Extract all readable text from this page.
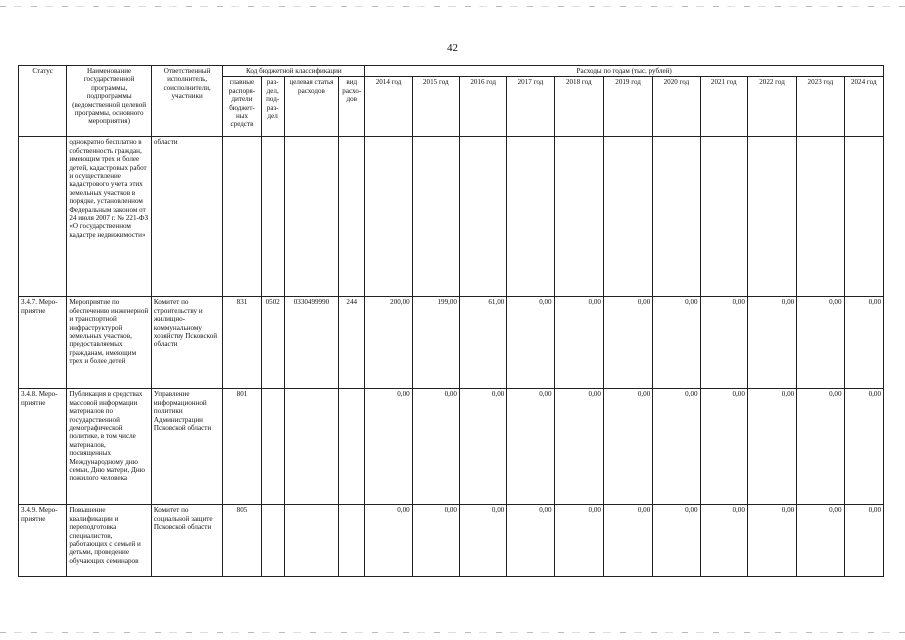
42
Статус	Наименование государственной программы, подпрограммы (ведомственной целевой программы, основного мероприятия)	Ответственный исполнитель, соисполнители, участники	Код бюджетной классификации				Расходы по годам (тыс. рублей)										
			главные распоря-дители бюджет-ных средств	раз-дел, под-раз-дел	целевая статья расходов	вид расхо-дов	2014 год	2015 год	2016 год	2017 год	2018 год	2019 год	2020 год	2021 год	2022 год	2023 год	2024 год
	однократно бесплатно в собственность граждан, имеющим трех и более детей, кадастровых работ и осуществление кадастрового учета этих земельных участков в порядке, установленном Федеральным законом от 24 июля 2007 г. № 221-ФЗ «О государственном кадастре недвижимости»	области															
3.4.7. Меро-приятие	Мероприятие по обеспечению инженерной и транспортной инфраструктурой земельных участков, предоставляемых гражданам, имеющим трех и более детей	Комитет по строительству и жилищно-коммунальному хозяйству Псковской области	831	0502	0330499990	244	200,00	199,00	61,00	0,00	0,00	0,00	0,00	0,00	0,00	0,00	0,00
3.4.8. Меро-приятие	Публикация в средствах массовой информации материалов по государственной демографической политике, в том числе материалов, посвященных Международному дню семьи, Дню матери, Дню пожилого человека	Управление информационной политики Администрации Псковской области	801				0,00	0,00	0,00	0,00	0,00	0,00	0,00	0,00	0,00	0,00	0,00
3.4.9. Меро-приятие	Повышение квалификации и переподготовка специалистов, работающих с семьей и детьми, проведение обучающих семинаров	Комитет по социальной защите Псковской области	805				0,00	0,00	0,00	0,00	0,00	0,00	0,00	0,00	0,00	0,00	0,00
